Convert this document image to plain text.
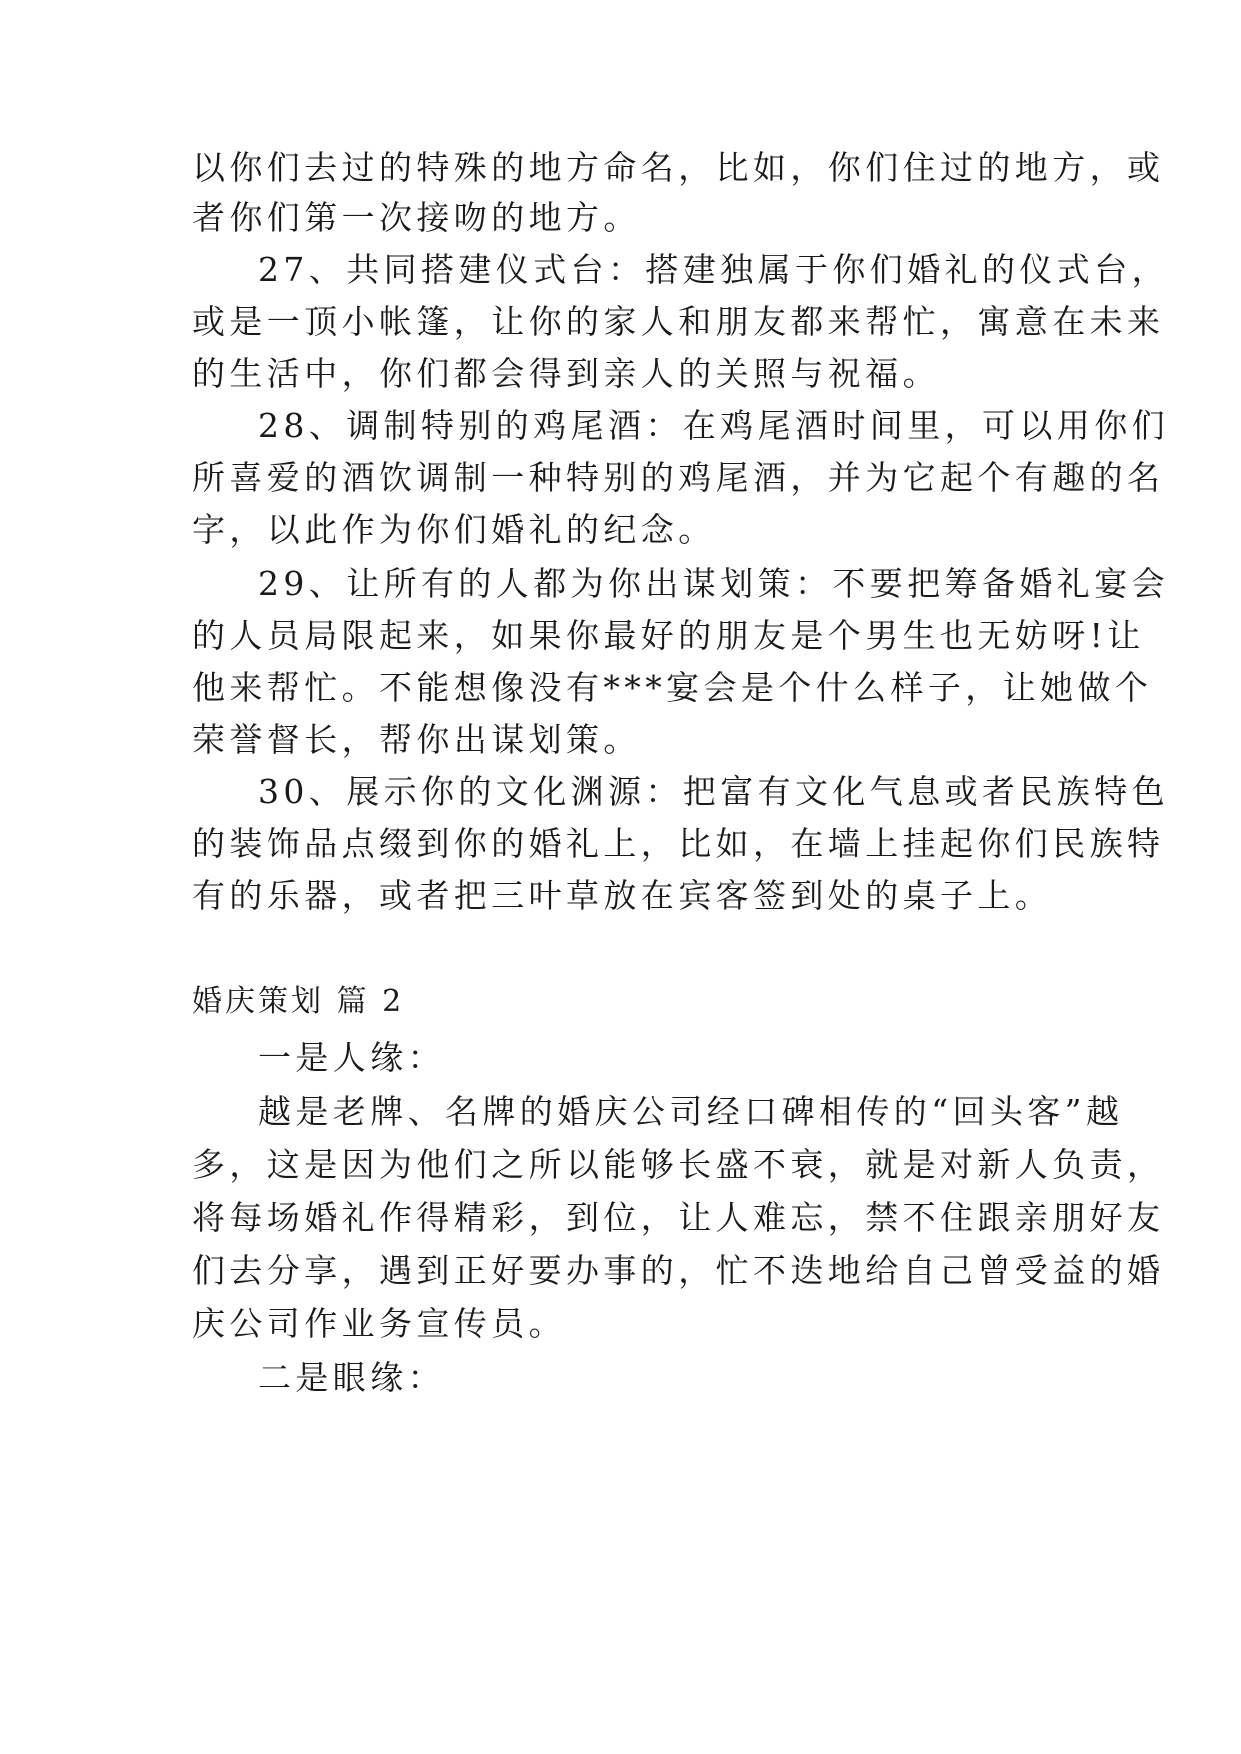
以你们去过的特殊的地方命名，比如，你们住过的地方，或
者你们第一次接吻的地方。
27、共同搭建仪式台：搭建独属于你们婚礼的仪式台，
或是一顶小帐篷，让你的家人和朋友都来帮忙，寓意在未来
的生活中，你们都会得到亲人的关照与祝福。
28、调制特别的鸡尾酒：在鸡尾酒时间里，可以用你们
所喜爱的酒饮调制一种特别的鸡尾酒，并为它起个有趣的名
字，以此作为你们婚礼的纪念。
29、让所有的人都为你出谋划策：不要把筹备婚礼宴会
的人员局限起来，如果你最好的朋友是个男生也无妨呀!让
他来帮忙。不能想像没有***宴会是个什么样子，让她做个
荣誉督长，帮你出谋划策。
30、展示你的文化渊源：把富有文化气息或者民族特色
的装饰品点缀到你的婚礼上，比如，在墙上挂起你们民族特
有的乐器，或者把三叶草放在宾客签到处的桌子上。
婚庆策划 篇 2
一是人缘：
越是老牌、名牌的婚庆公司经口碑相传的“回头客”越
多，这是因为他们之所以能够长盛不衰，就是对新人负责，
将每场婚礼作得精彩，到位，让人难忘，禁不住跟亲朋好友
们去分享，遇到正好要办事的，忙不迭地给自己曾受益的婚
庆公司作业务宣传员。
二是眼缘：
